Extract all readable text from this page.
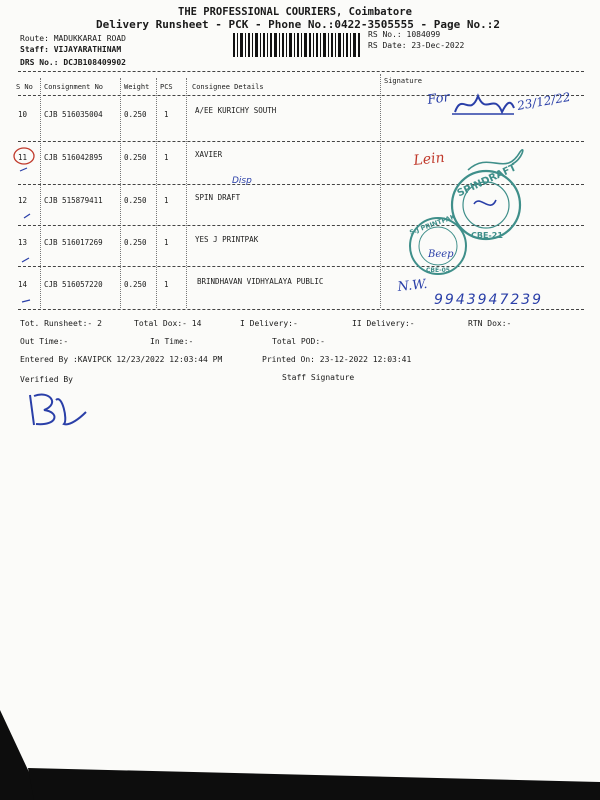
THE PROFESSIONAL COURIERS, Coimbatore
Delivery Runsheet - PCK - Phone No.:0422-3505555 - Page No.:2
Route: MADUKKARAI ROAD
Staff: VIJAYARATHINAM
DRS No.: DCJB108409902
RS No.: 1084099
RS Date: 23-Dec-2022
S No Consignment No	Weight PCS	Consignee Details
Signature
10 CJB 516035004	0.250 1	A/EE KURICHY SOUTH
11 CJB 516042895	0.250 1	XAVIER
12 CJB 515879411	0.250 1	SPIN DRAFT
13 CJB 516017269	0.250 1	YES J PRINTPAK
14 CJB 516057220	0.250 1	BRINDHAVAN VIDHYALAYA PUBLIC
For	23/12/22
Disp
Lein
SPINDRAFT
CBE-21
S.J PRINTPAK
CBE-05
Beep
N.W.
9943947239
Tot. Runsheet:- 2	Total Dox:- 14	I Delivery:-	II Delivery:-	RTN Dox:-
Out Time:-	In Time:-	Total POD:-
Entered By :KAVIPCK 12/23/2022 12:03:44 PM	Printed On: 23-12-2022 12:03:41
Verified By	Staff Signature
